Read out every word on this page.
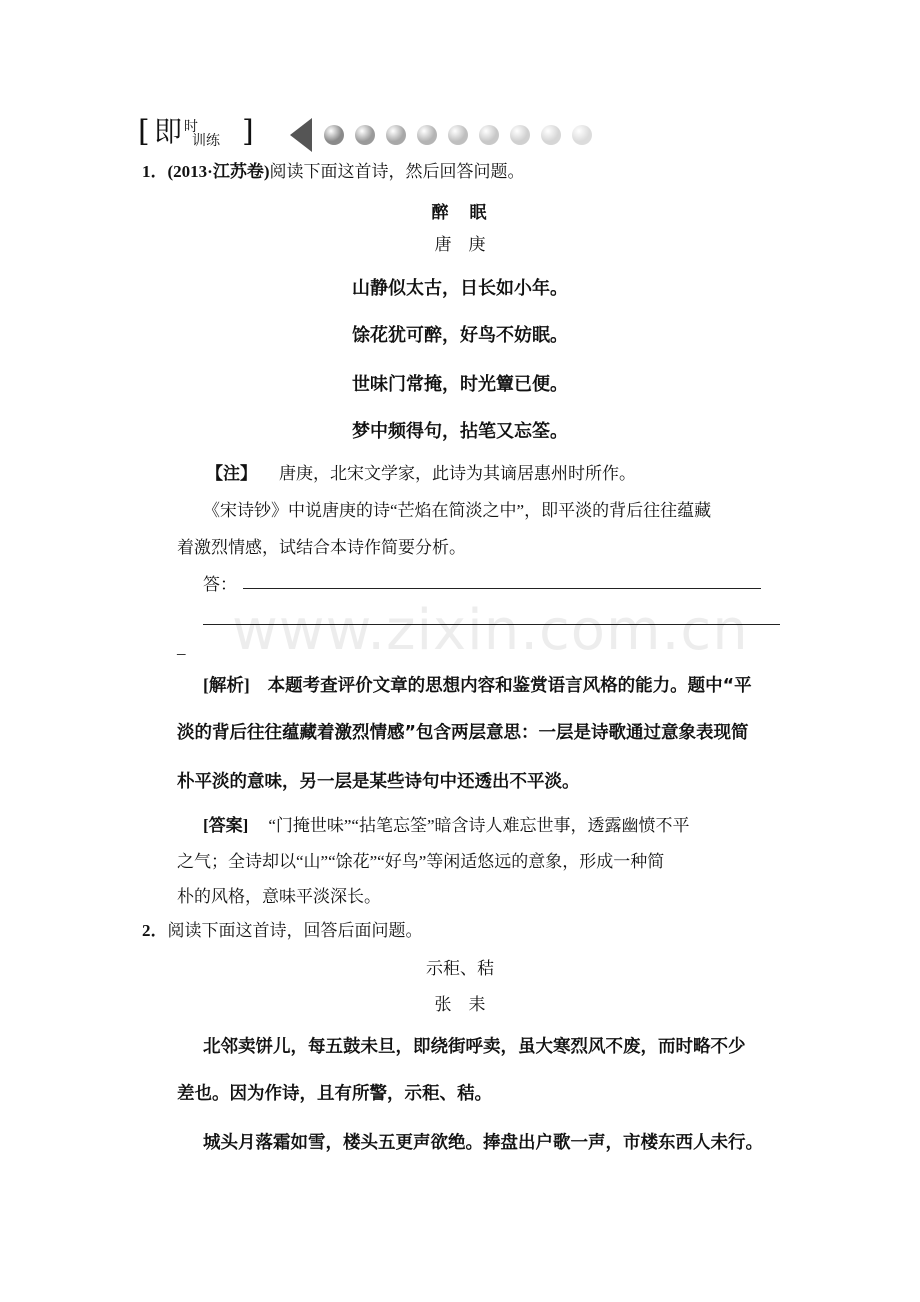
[ 即 时
训练 ]
1．(2013·江苏卷)阅读下面这首诗，然后回答问题。
醉　眠
唐　庚
山静似太古，日长如小年。
馀花犹可醉，好鸟不妨眠。
世味门常掩，时光簟已便。
梦中频得句，拈笔又忘筌。
【注】 唐庚，北宋文学家，此诗为其谪居惠州时所作。
《宋诗钞》中说唐庚的诗“芒焰在简淡之中”，即平淡的背后往往蕴藏
着激烈情感，试结合本诗作简要分析。
答：
_ www.zixin.com.cn
[解析] 本题考查评价文章的思想内容和鉴赏语言风格的能力。题中“平
淡的背后往往蕴藏着激烈情感”包含两层意思：一层是诗歌通过意象表现简
朴平淡的意味，另一层是某些诗句中还透出不平淡。
[答案] “门掩世味”“拈笔忘筌”暗含诗人难忘世事，透露幽愤不平
之气；全诗却以“山”“馀花”“好鸟”等闲适悠远的意象，形成一种简
朴的风格，意味平淡深长。
2．阅读下面这首诗，回答后面问题。
示秬、秸
张　耒
北邻卖饼儿，每五鼓未旦，即绕街呼卖，虽大寒烈风不废，而时略不少
差也。因为作诗，且有所警，示秬、秸。
城头月落霜如雪，楼头五更声欲绝。捧盘出户歌一声，市楼东西人未行。
